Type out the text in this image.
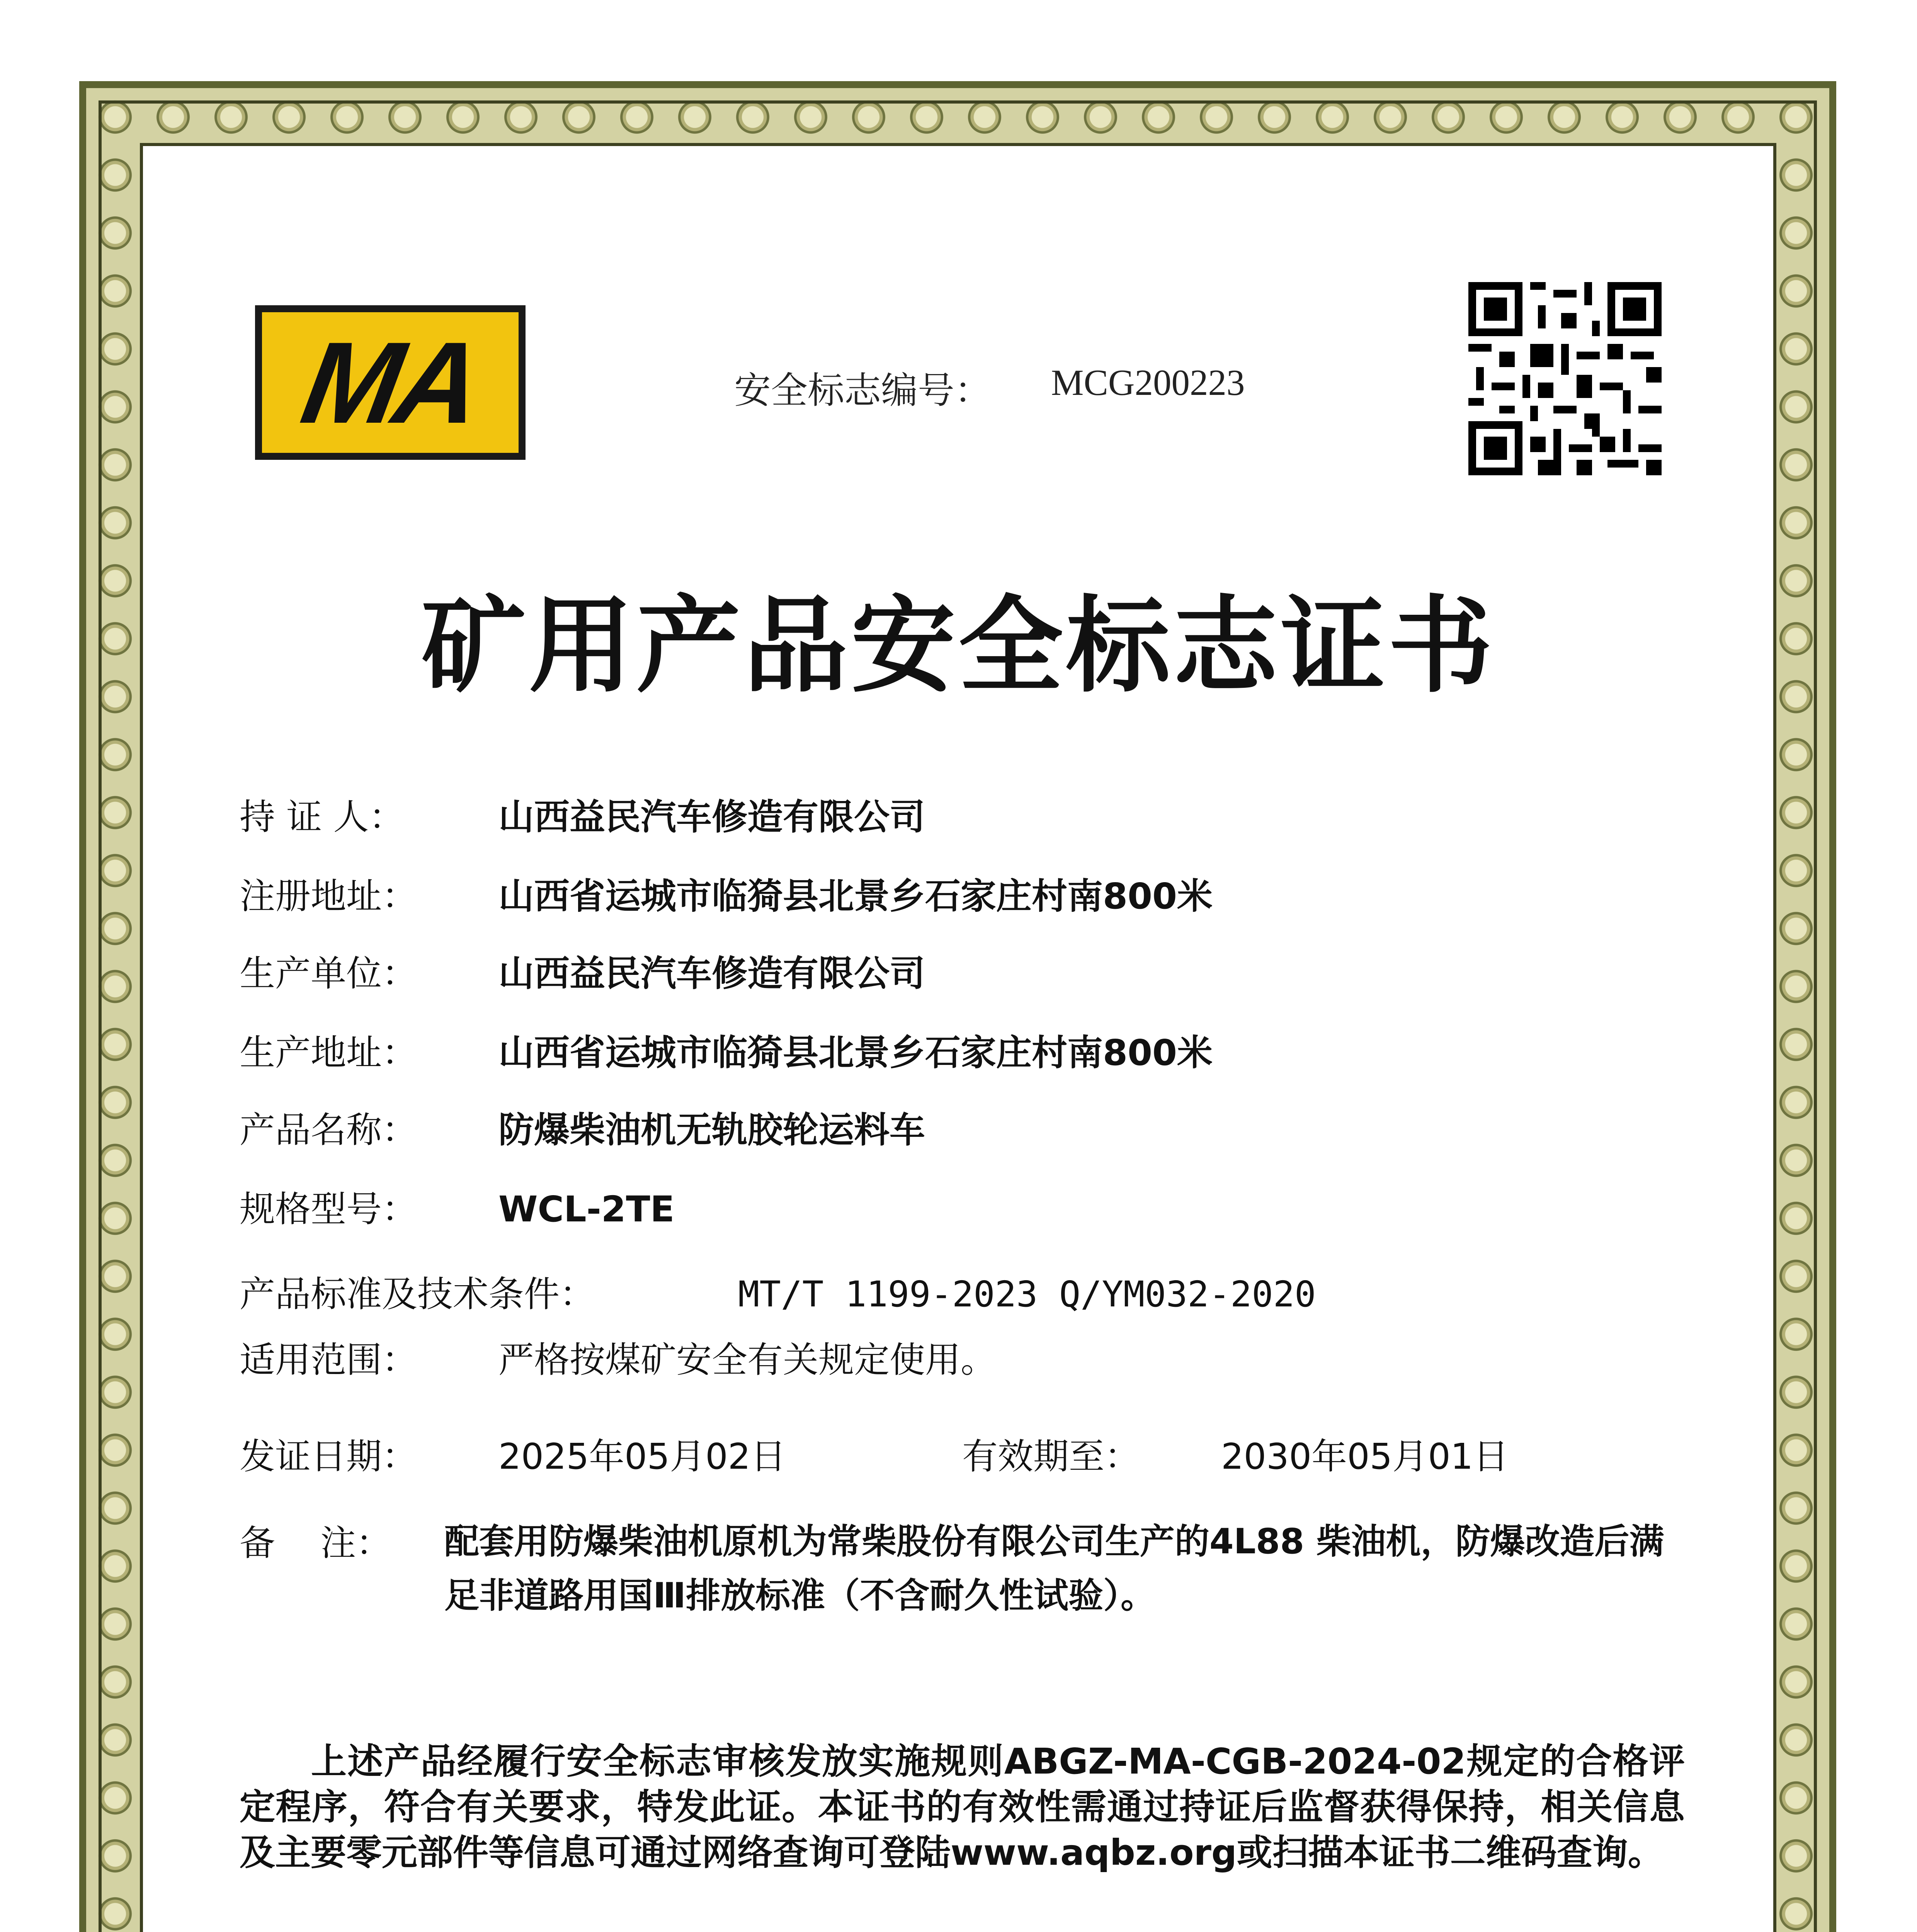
MA	安全标志编号： MCG200223
矿用产品安全标志证书
持 证 人：	山西益民汽车修造有限公司
注册地址： 山西省运城市临猗县北景乡石家庄村南800米
生产单位： 山西益民汽车修造有限公司
生产地址： 山西省运城市临猗县北景乡石家庄村南800米
产品名称： 防爆柴油机无轨胶轮运料车
规格型号： WCL-2TE
产品标准及技术条件：	MT/T 1199-2023 Q/YM032-2020
适用范围： 严格按煤矿安全有关规定使用。
发证日期： 2025年05月02日	有效期至： 2030年05月01日
备    注： 配套用防爆柴油机原机为常柴股份有限公司生产的4L88 柴油机，防爆改造后满足非道路用国Ⅲ排放标准（不含耐久性试验）。
上述产品经履行安全标志审核发放实施规则ABGZ-MA-CGB-2024-02规定的合格评定程序，符合有关要求，特发此证。本证书的有效性需通过持证后监督获得保持，相关信息及主要零元部件等信息可通过网络查询可登陆www.aqbz.org或扫描本证书二维码查询。
